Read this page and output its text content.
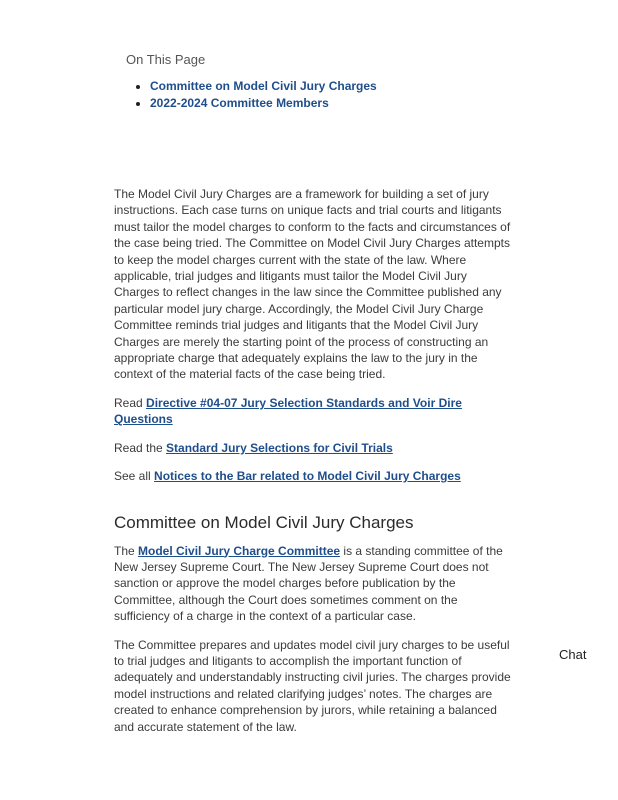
On This Page
• Committee on Model Civil Jury Charges
• 2022-2024 Committee Members

The Model Civil Jury Charges are a framework for building a set of jury instructions. Each case turns on unique facts and trial courts and litigants must tailor the model charges to conform to the facts and circumstances of the case being tried. The Committee on Model Civil Jury Charges attempts to keep the model charges current with the state of the law. Where applicable, trial judges and litigants must tailor the Model Civil Jury Charges to reflect changes in the law since the Committee published any particular model jury charge. Accordingly, the Model Civil Jury Charge Committee reminds trial judges and litigants that the Model Civil Jury Charges are merely the starting point of the process of constructing an appropriate charge that adequately explains the law to the jury in the context of the material facts of the case being tried.

Read Directive #04-07 Jury Selection Standards and Voir Dire Questions

Read the Standard Jury Selections for Civil Trials

See all Notices to the Bar related to Model Civil Jury Charges

Committee on Model Civil Jury Charges

The Model Civil Jury Charge Committee is a standing committee of the New Jersey Supreme Court. The New Jersey Supreme Court does not sanction or approve the model charges before publication by the Committee, although the Court does sometimes comment on the sufficiency of a charge in the context of a particular case.

The Committee prepares and updates model civil jury charges to be useful to trial judges and litigants to accomplish the important function of adequately and understandably instructing civil juries. The charges provide model instructions and related clarifying judges’ notes. The charges are created to enhance comprehension by jurors, while retaining a balanced and accurate statement of the law.

Chat
